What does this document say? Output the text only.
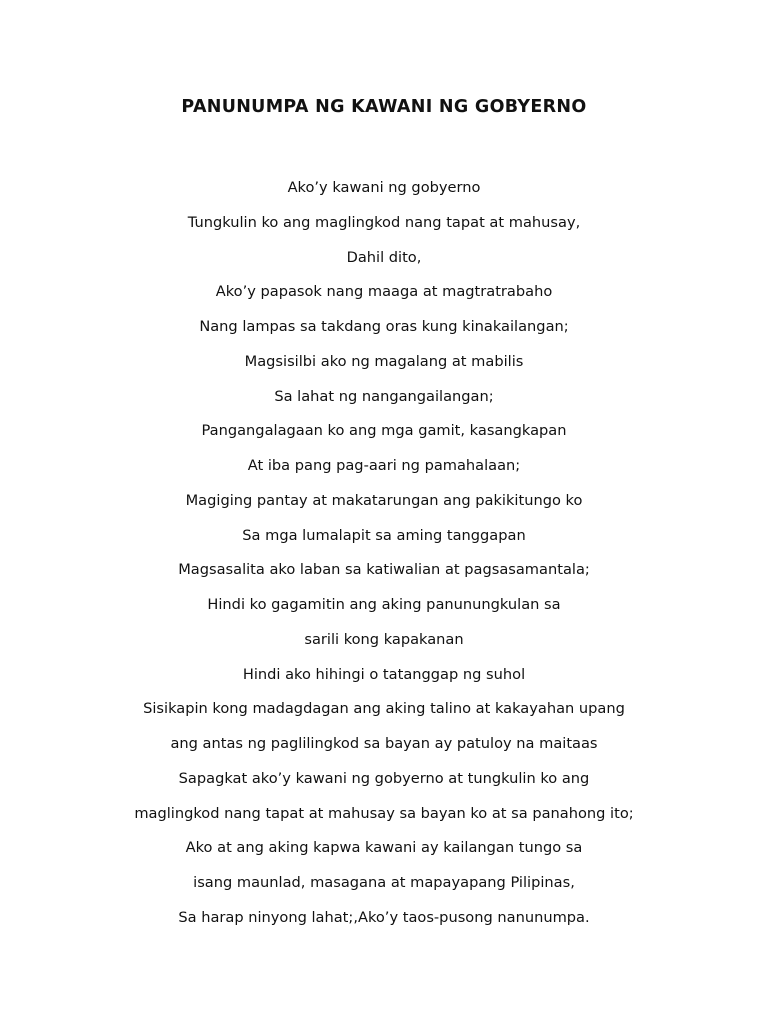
PANUNUMPA NG KAWANI NG GOBYERNO
Ako’y kawani ng gobyerno
Tungkulin ko ang maglingkod nang tapat at mahusay,
Dahil dito,
Ako’y papasok nang maaga at magtratrabaho
Nang lampas sa takdang oras kung kinakailangan;
Magsisilbi ako ng magalang at mabilis
Sa lahat ng nangangailangan;
Pangangalagaan ko ang mga gamit, kasangkapan
At iba pang pag-aari ng pamahalaan;
Magiging pantay at makatarungan ang pakikitungo ko
Sa mga lumalapit sa aming tanggapan
Magsasalita ako laban sa katiwalian at pagsasamantala;
Hindi ko gagamitin ang aking panunungkulan sa
sarili kong kapakanan
Hindi ako hihingi o tatanggap ng suhol
Sisikapin kong madagdagan ang aking talino at kakayahan upang
ang antas ng paglilingkod sa bayan ay patuloy na maitaas
Sapagkat ako’y kawani ng gobyerno at tungkulin ko ang
maglingkod nang tapat at mahusay sa bayan ko at sa panahong ito;
Ako at ang aking kapwa kawani ay kailangan tungo sa
isang maunlad, masagana at mapayapang Pilipinas,
Sa harap ninyong lahat;,Ako’y taos-pusong nanunumpa.
